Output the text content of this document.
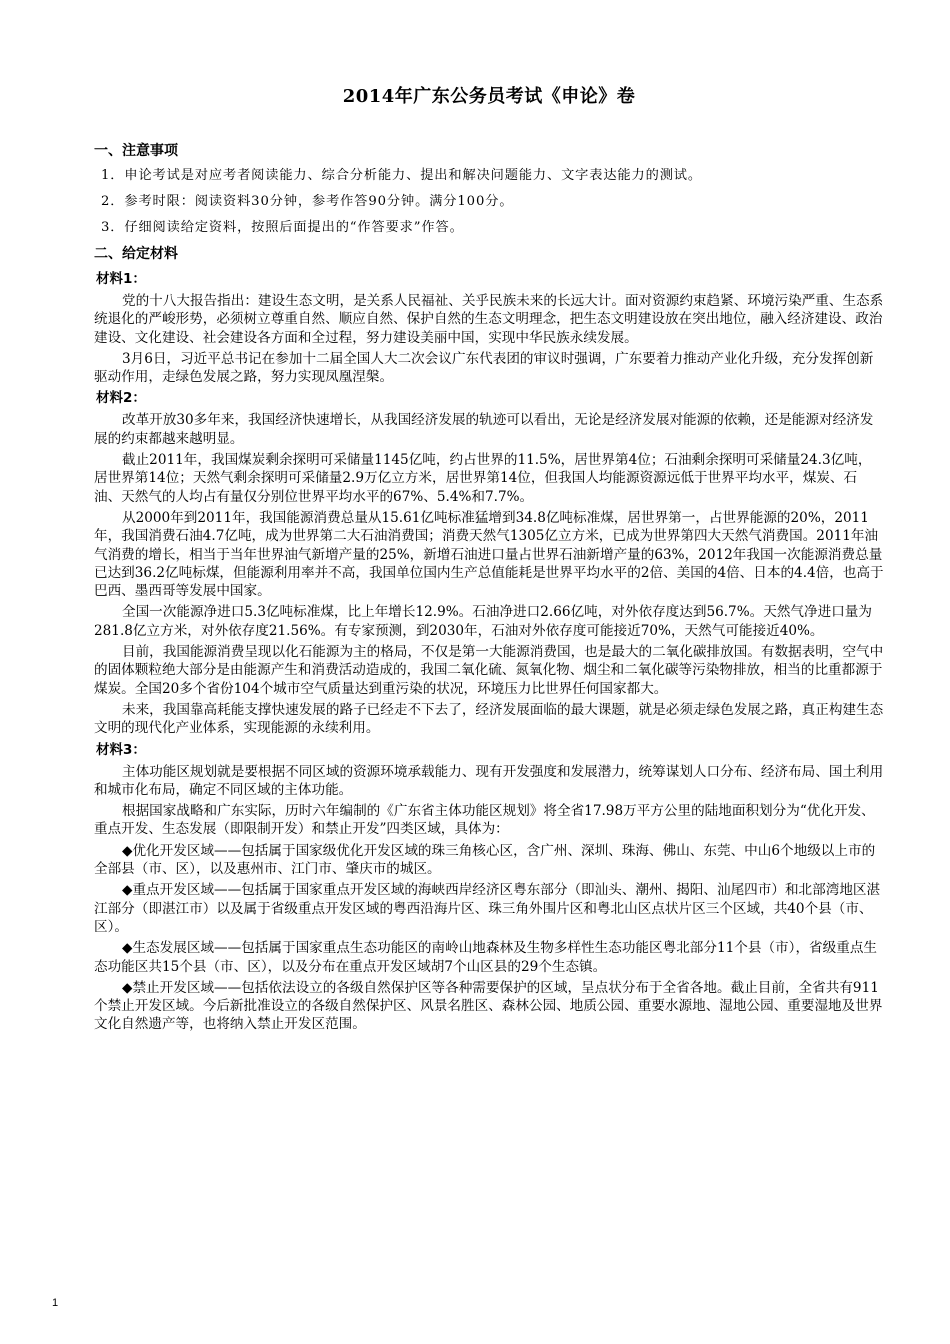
2014年广东公务员考试《申论》卷
一、注意事项
1．申论考试是对应考者阅读能力、综合分析能力、提出和解决问题能力、文字表达能力的测试。
2．参考时限：阅读资料30分钟，参考作答90分钟。满分100分。
3．仔细阅读给定资料，按照后面提出的“作答要求”作答。
二、给定材料
材料1：

党的十八大报告指出：建设生态文明，是关系人民福祉、关乎民族未来的长远大计。面对资源约束趋紧、环境污染严重、生态系统退化的严峻形势，必须树立尊重自然、顺应自然、保护自然的生态文明理念，把生态文明建设放在突出地位，融入经济建设、政治建设、文化建设、社会建设各方面和全过程，努力建设美丽中国，实现中华民族永续发展。

3月6日，习近平总书记在参加十二届全国人大二次会议广东代表团的审议时强调，广东要着力推动产业化升级，充分发挥创新驱动作用，走绿色发展之路，努力实现凤凰涅槃。

材料2：

改革开放30多年来，我国经济快速增长，从我国经济发展的轨迹可以看出，无论是经济发展对能源的依赖，还是能源对经济发展的约束都越来越明显。

截止2011年，我国煤炭剩余探明可采储量1145亿吨，约占世界的11.5%，居世界第4位；石油剩余探明可采储量24.3亿吨，居世界第14位；天然气剩余探明可采储量2.9万亿立方米，居世界第14位，但我国人均能源资源远低于世界平均水平，煤炭、石油、天然气的人均占有量仅分别位世界平均水平的67%、5.4%和7.7%。

从2000年到2011年，我国能源消费总量从15.61亿吨标准猛增到34.8亿吨标准煤，居世界第一，占世界能源的20%，2011年，我国消费石油4.7亿吨，成为世界第二大石油消费国；消费天然气1305亿立方米，已成为世界第四大天然气消费国。2011年油气消费的增长，相当于当年世界油气新增产量的25%，新增石油进口量占世界石油新增产量的63%，2012年我国一次能源消费总量已达到36.2亿吨标煤，但能源利用率并不高，我国单位国内生产总值能耗是世界平均水平的2倍、美国的4倍、日本的4.4倍，也高于巴西、墨西哥等发展中国家。

全国一次能源净进口5.3亿吨标准煤，比上年增长12.9%。石油净进口2.66亿吨，对外依存度达到56.7%。天然气净进口量为281.8亿立方米，对外依存度21.56%。有专家预测，到2030年，石油对外依存度可能接近70%，天然气可能接近40%。

目前，我国能源消费呈现以化石能源为主的格局，不仅是第一大能源消费国，也是最大的二氧化碳排放国。有数据表明，空气中的固体颗粒绝大部分是由能源产生和消费活动造成的，我国二氧化硫、氮氧化物、烟尘和二氧化碳等污染物排放，相当的比重都源于煤炭。全国20多个省份104个城市空气质量达到重污染的状况，环境压力比世界任何国家都大。

未来，我国靠高耗能支撑快速发展的路子已经走不下去了，经济发展面临的最大课题，就是必须走绿色发展之路，真正构建生态文明的现代化产业体系，实现能源的永续利用。

材料3：

主体功能区规划就是要根据不同区域的资源环境承载能力、现有开发强度和发展潜力，统筹谋划人口分布、经济布局、国土利用和城市化布局，确定不同区域的主体功能。

根据国家战略和广东实际，历时六年编制的《广东省主体功能区规划》将全省17.98万平方公里的陆地面积划分为“优化开发、重点开发、生态发展（即限制开发）和禁止开发”四类区域，具体为：

◆优化开发区域——包括属于国家级优化开发区域的珠三角核心区，含广州、深圳、珠海、佛山、东莞、中山6个地级以上市的全部县（市、区），以及惠州市、江门市、肇庆市的城区。

◆重点开发区域——包括属于国家重点开发区域的海峡西岸经济区粤东部分（即汕头、潮州、揭阳、汕尾四市）和北部湾地区湛江部分（即湛江市）以及属于省级重点开发区域的粤西沿海片区、珠三角外围片区和粤北山区点状片区三个区域，共40个县（市、区）。

◆生态发展区域——包括属于国家重点生态功能区的南岭山地森林及生物多样性生态功能区粤北部分11个县（市），省级重点生态功能区共15个县（市、区），以及分布在重点开发区域胡7个山区县的29个生态镇。

◆禁止开发区域——包括依法设立的各级自然保护区等各种需要保护的区域，呈点状分布于全省各地。截止目前，全省共有911个禁止开发区域。今后新批准设立的各级自然保护区、风景名胜区、森林公园、地质公园、重要水源地、湿地公园、重要湿地及世界文化自然遗产等，也将纳入禁止开发区范围。

1
